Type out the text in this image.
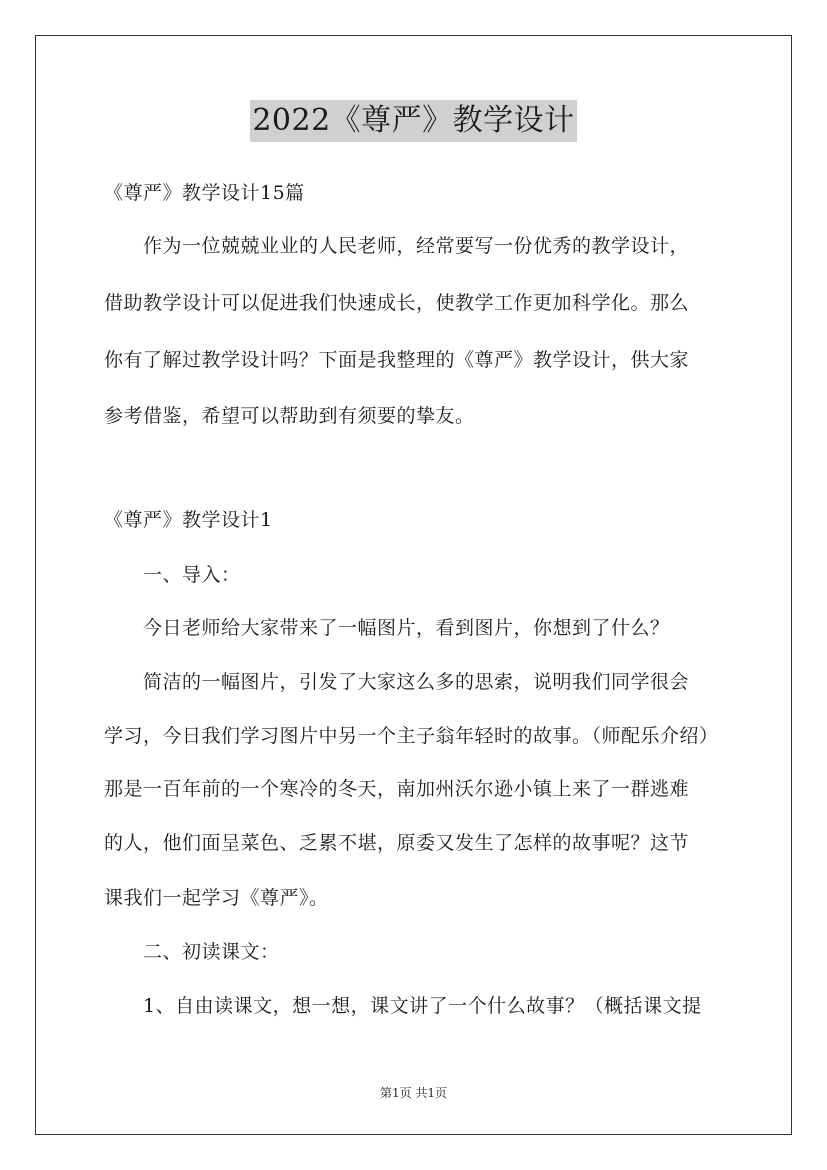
2022《尊严》教学设计
《尊严》教学设计15篇
作为一位兢兢业业的人民老师，经常要写一份优秀的教学设计，
借助教学设计可以促进我们快速成长，使教学工作更加科学化。那么
你有了解过教学设计吗？下面是我整理的《尊严》教学设计，供大家
参考借鉴，希望可以帮助到有须要的挚友。
《尊严》教学设计1
一、导入：
今日老师给大家带来了一幅图片，看到图片，你想到了什么？
简洁的一幅图片，引发了大家这么多的思索，说明我们同学很会
学习，今日我们学习图片中另一个主子翁年轻时的故事。（师配乐介绍）
那是一百年前的一个寒冷的冬天，南加州沃尔逊小镇上来了一群逃难
的人，他们面呈菜色、乏累不堪，原委又发生了怎样的故事呢？这节
课我们一起学习《尊严》。
二、初读课文：
1、自由读课文，想一想，课文讲了一个什么故事？（概括课文提
第1页 共1页
